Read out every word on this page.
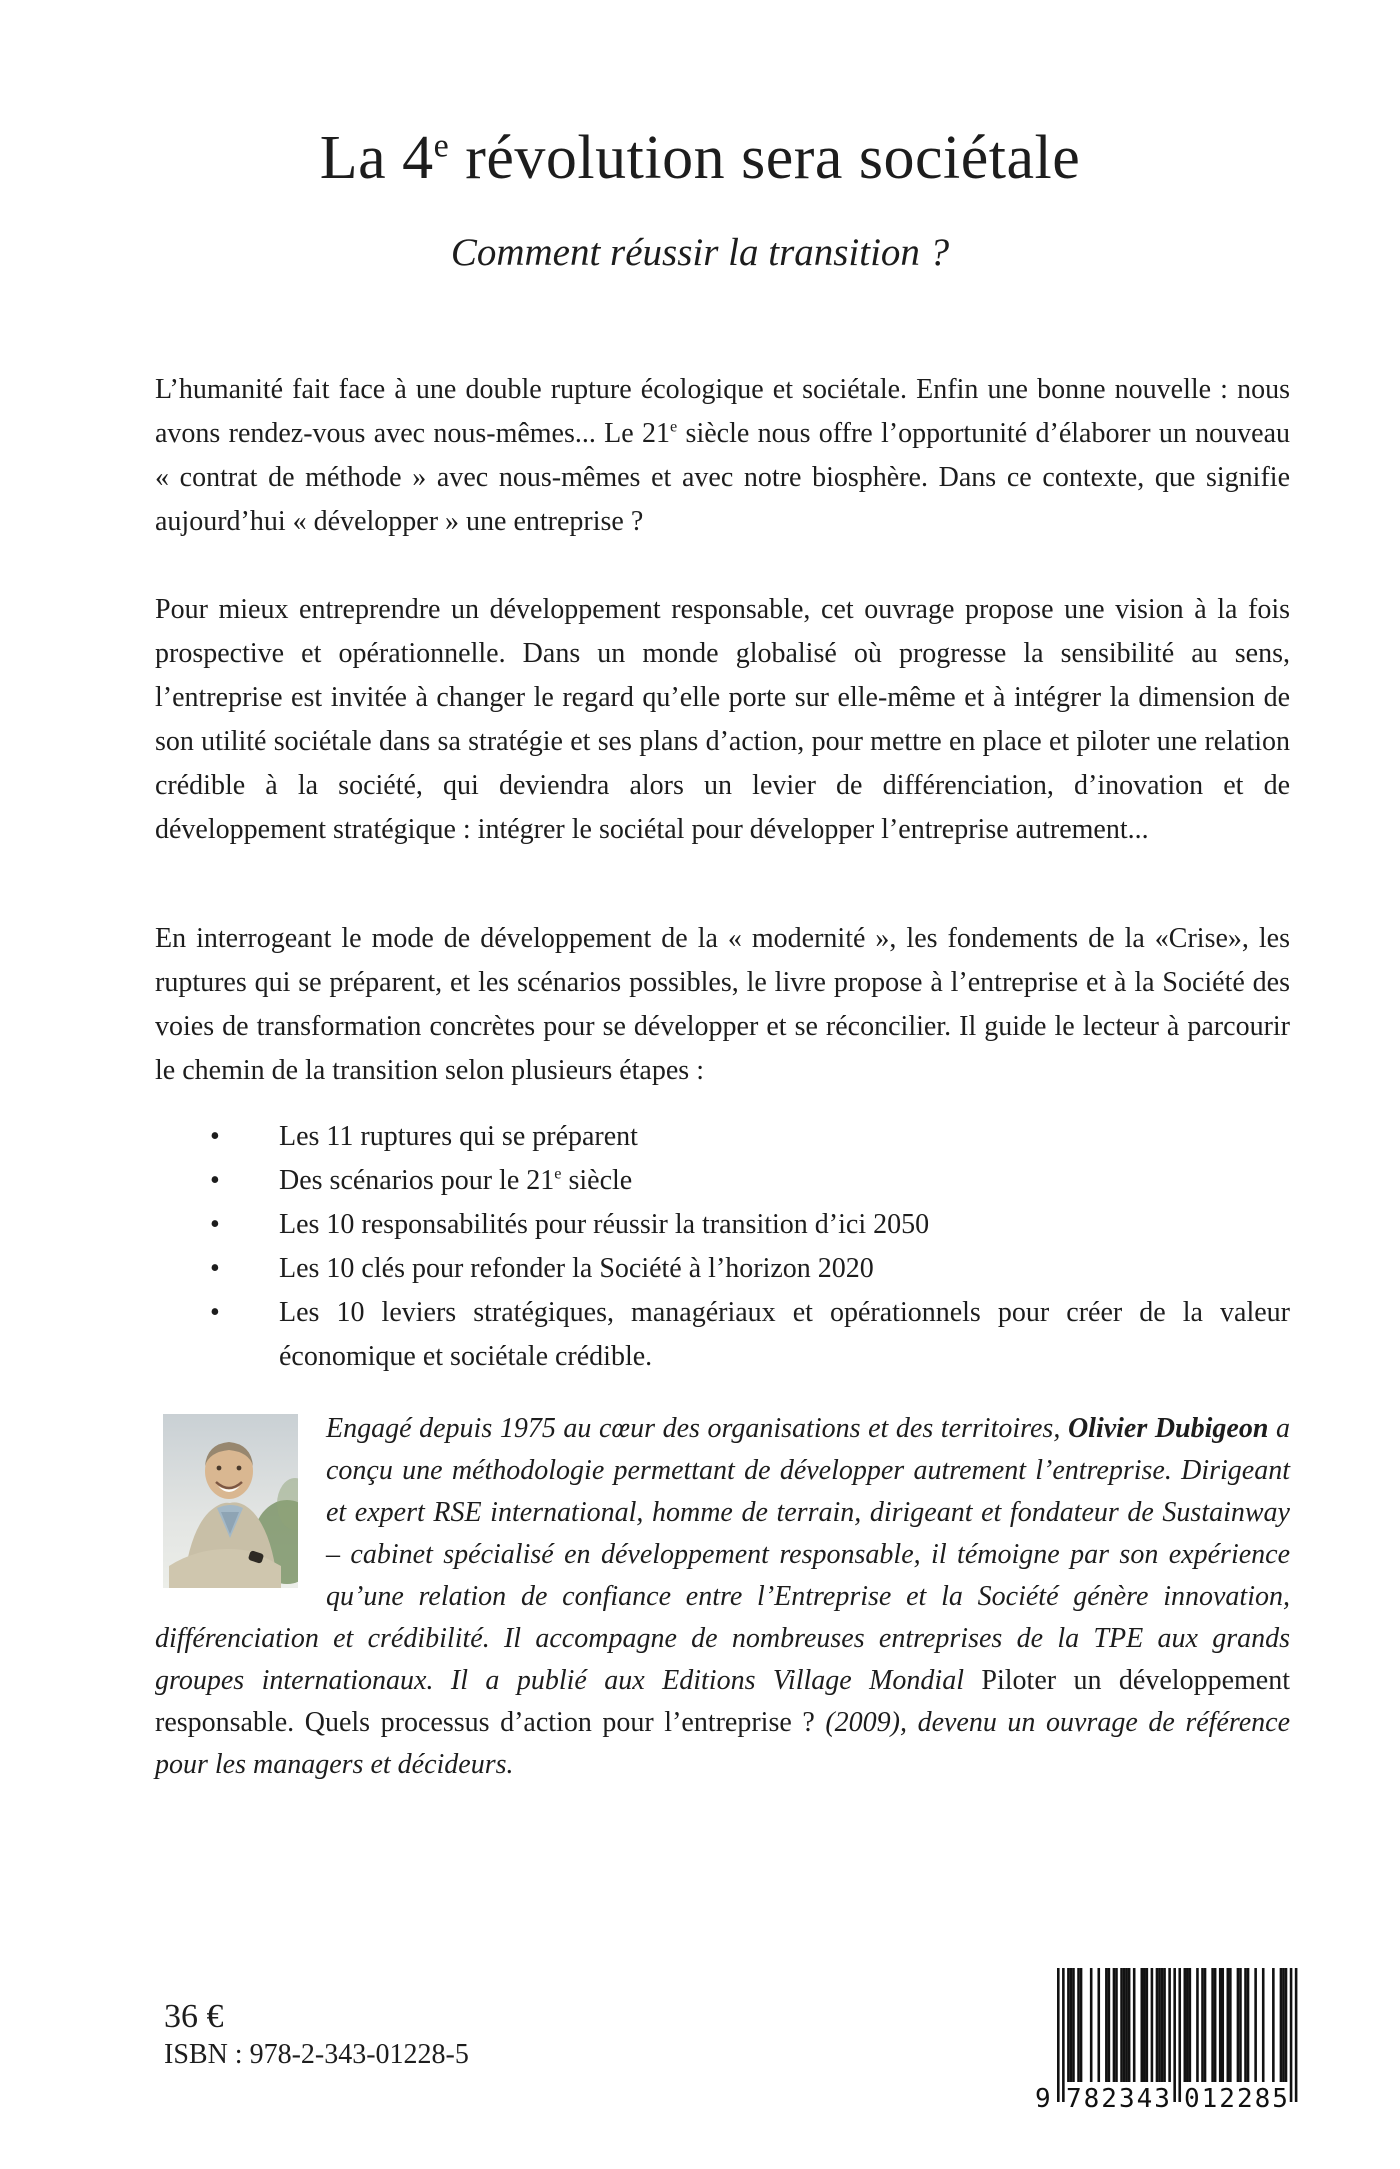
La 4e révolution sera sociétale
Comment réussir la transition ?

L’humanité fait face à une double rupture écologique et sociétale. Enfin une bonne nouvelle : nous avons rendez-vous avec nous-mêmes... Le 21e siècle nous offre l’opportunité d’élaborer un nouveau « contrat de méthode » avec nous-mêmes et avec notre biosphère. Dans ce contexte, que signifie aujourd’hui « développer » une entreprise ?

Pour mieux entreprendre un développement responsable, cet ouvrage propose une vision à la fois prospective et opérationnelle. Dans un monde globalisé où progresse la sensibilité au sens, l’entreprise est invitée à changer le regard qu’elle porte sur elle-même et à intégrer la dimension de son utilité sociétale dans sa stratégie et ses plans d’action, pour mettre en place et piloter une relation crédible à la société, qui deviendra alors un levier de différenciation, d’inovation et de développement stratégique : intégrer le sociétal pour développer l’entreprise autrement...

En interrogeant le mode de développement de la « modernité », les fondements de la «Crise», les ruptures qui se préparent, et les scénarios possibles, le livre propose à l’entreprise et à la Société des voies de transformation concrètes pour se développer et se réconcilier. Il guide le lecteur à parcourir le chemin de la transition selon plusieurs étapes :

• Les 11 ruptures qui se préparent
• Des scénarios pour le 21e siècle
• Les 10 responsabilités pour réussir la transition d’ici 2050
• Les 10 clés pour refonder la Société à l’horizon 2020
• Les 10 leviers stratégiques, managériaux et opérationnels pour créer de la valeur économique et sociétale crédible.

Engagé depuis 1975 au cœur des organisations et des territoires, Olivier Dubigeon a conçu une méthodologie permettant de développer autrement l’entreprise. Dirigeant et expert RSE international, homme de terrain, dirigeant et fondateur de Sustainway – cabinet spécialisé en développement responsable, il témoigne par son expérience qu’une relation de confiance entre l’Entreprise et la Société génère innovation, différenciation et crédibilité. Il accompagne de nombreuses entreprises de la TPE aux grands groupes internationaux. Il a publié aux Editions Village Mondial Piloter un développement responsable. Quels processus d’action pour l’entreprise ? (2009), devenu un ouvrage de référence pour les managers et décideurs.

36 €
ISBN : 978-2-343-01228-5
9 782343 012285
